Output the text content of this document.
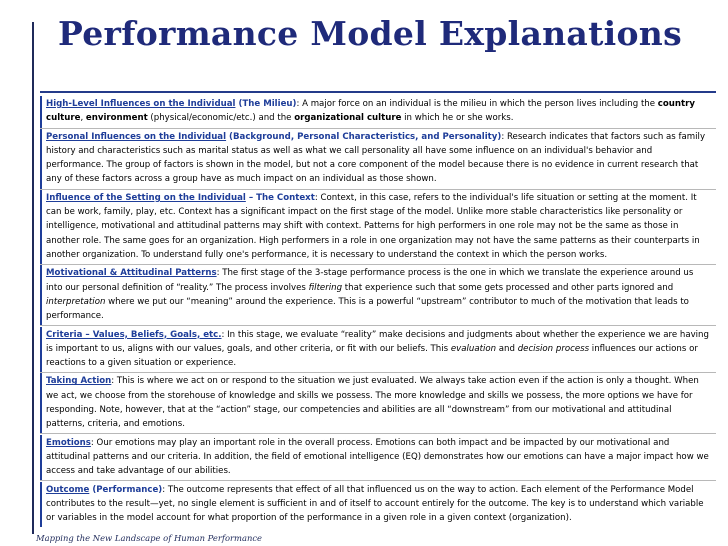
Performance Model Explanations
High-Level Influences on the Individual (The Milieu): A major force on an individual is the milieu in which the person lives including the country culture, environment (physical/economic/etc.) and the organizational culture in which he or she works.
Personal Influences on the Individual (Background, Personal Characteristics, and Personality): Research indicates that factors such as family history and characteristics such as marital status as well as what we call personality all have some influence on an individual's behavior and performance. The group of factors is shown in the model, but not a core component of the model because there is no evidence in current research that any of these factors across a group have as much impact on an individual as those shown.
Influence of the Setting on the Individual – The Context: Context, in this case, refers to the individual's life situation or setting at the moment. It can be work, family, play, etc. Context has a significant impact on the first stage of the model. Unlike more stable characteristics like personality or intelligence, motivational and attitudinal patterns may shift with context. Patterns for high performers in one role may not be the same as those in another role. The same goes for an organization. High performers in a role in one organization may not have the same patterns as their counterparts in another organization. To understand fully one's performance, it is necessary to understand the context in which the person works.
Motivational & Attitudinal Patterns: The first stage of the 3-stage performance process is the one in which we translate the experience around us into our personal definition of “reality.” The process involves filtering that experience such that some gets processed and other parts ignored and interpretation where we put our “meaning” around the experience. This is a powerful “upstream” contributor to much of the motivation that leads to performance.
Criteria – Values, Beliefs, Goals, etc.: In this stage, we evaluate “reality” make decisions and judgments about whether the experience we are having is important to us, aligns with our values, goals, and other criteria, or fit with our beliefs. This evaluation and decision process influences our actions or reactions to a given situation or experience.
Taking Action: This is where we act on or respond to the situation we just evaluated. We always take action even if the action is only a thought. When we act, we choose from the storehouse of knowledge and skills we possess. The more knowledge and skills we possess, the more options we have for responding. Note, however, that at the “action” stage, our competencies and abilities are all “downstream” from our motivational and attitudinal patterns, criteria, and emotions.
Emotions: Our emotions may play an important role in the overall process. Emotions can both impact and be impacted by our motivational and attitudinal patterns and our criteria. In addition, the field of emotional intelligence (EQ) demonstrates how our emotions can have a major impact how we access and take advantage of our abilities.
Outcome (Performance): The outcome represents that effect of all that influenced us on the way to action. Each element of the Performance Model contributes to the result—yet, no single element is sufficient in and of itself to account entirely for the outcome. The key is to understand which variable or variables in the model account for what proportion of the performance in a given role in a given context (organization).
Mapping the New Landscape of Human Performance
